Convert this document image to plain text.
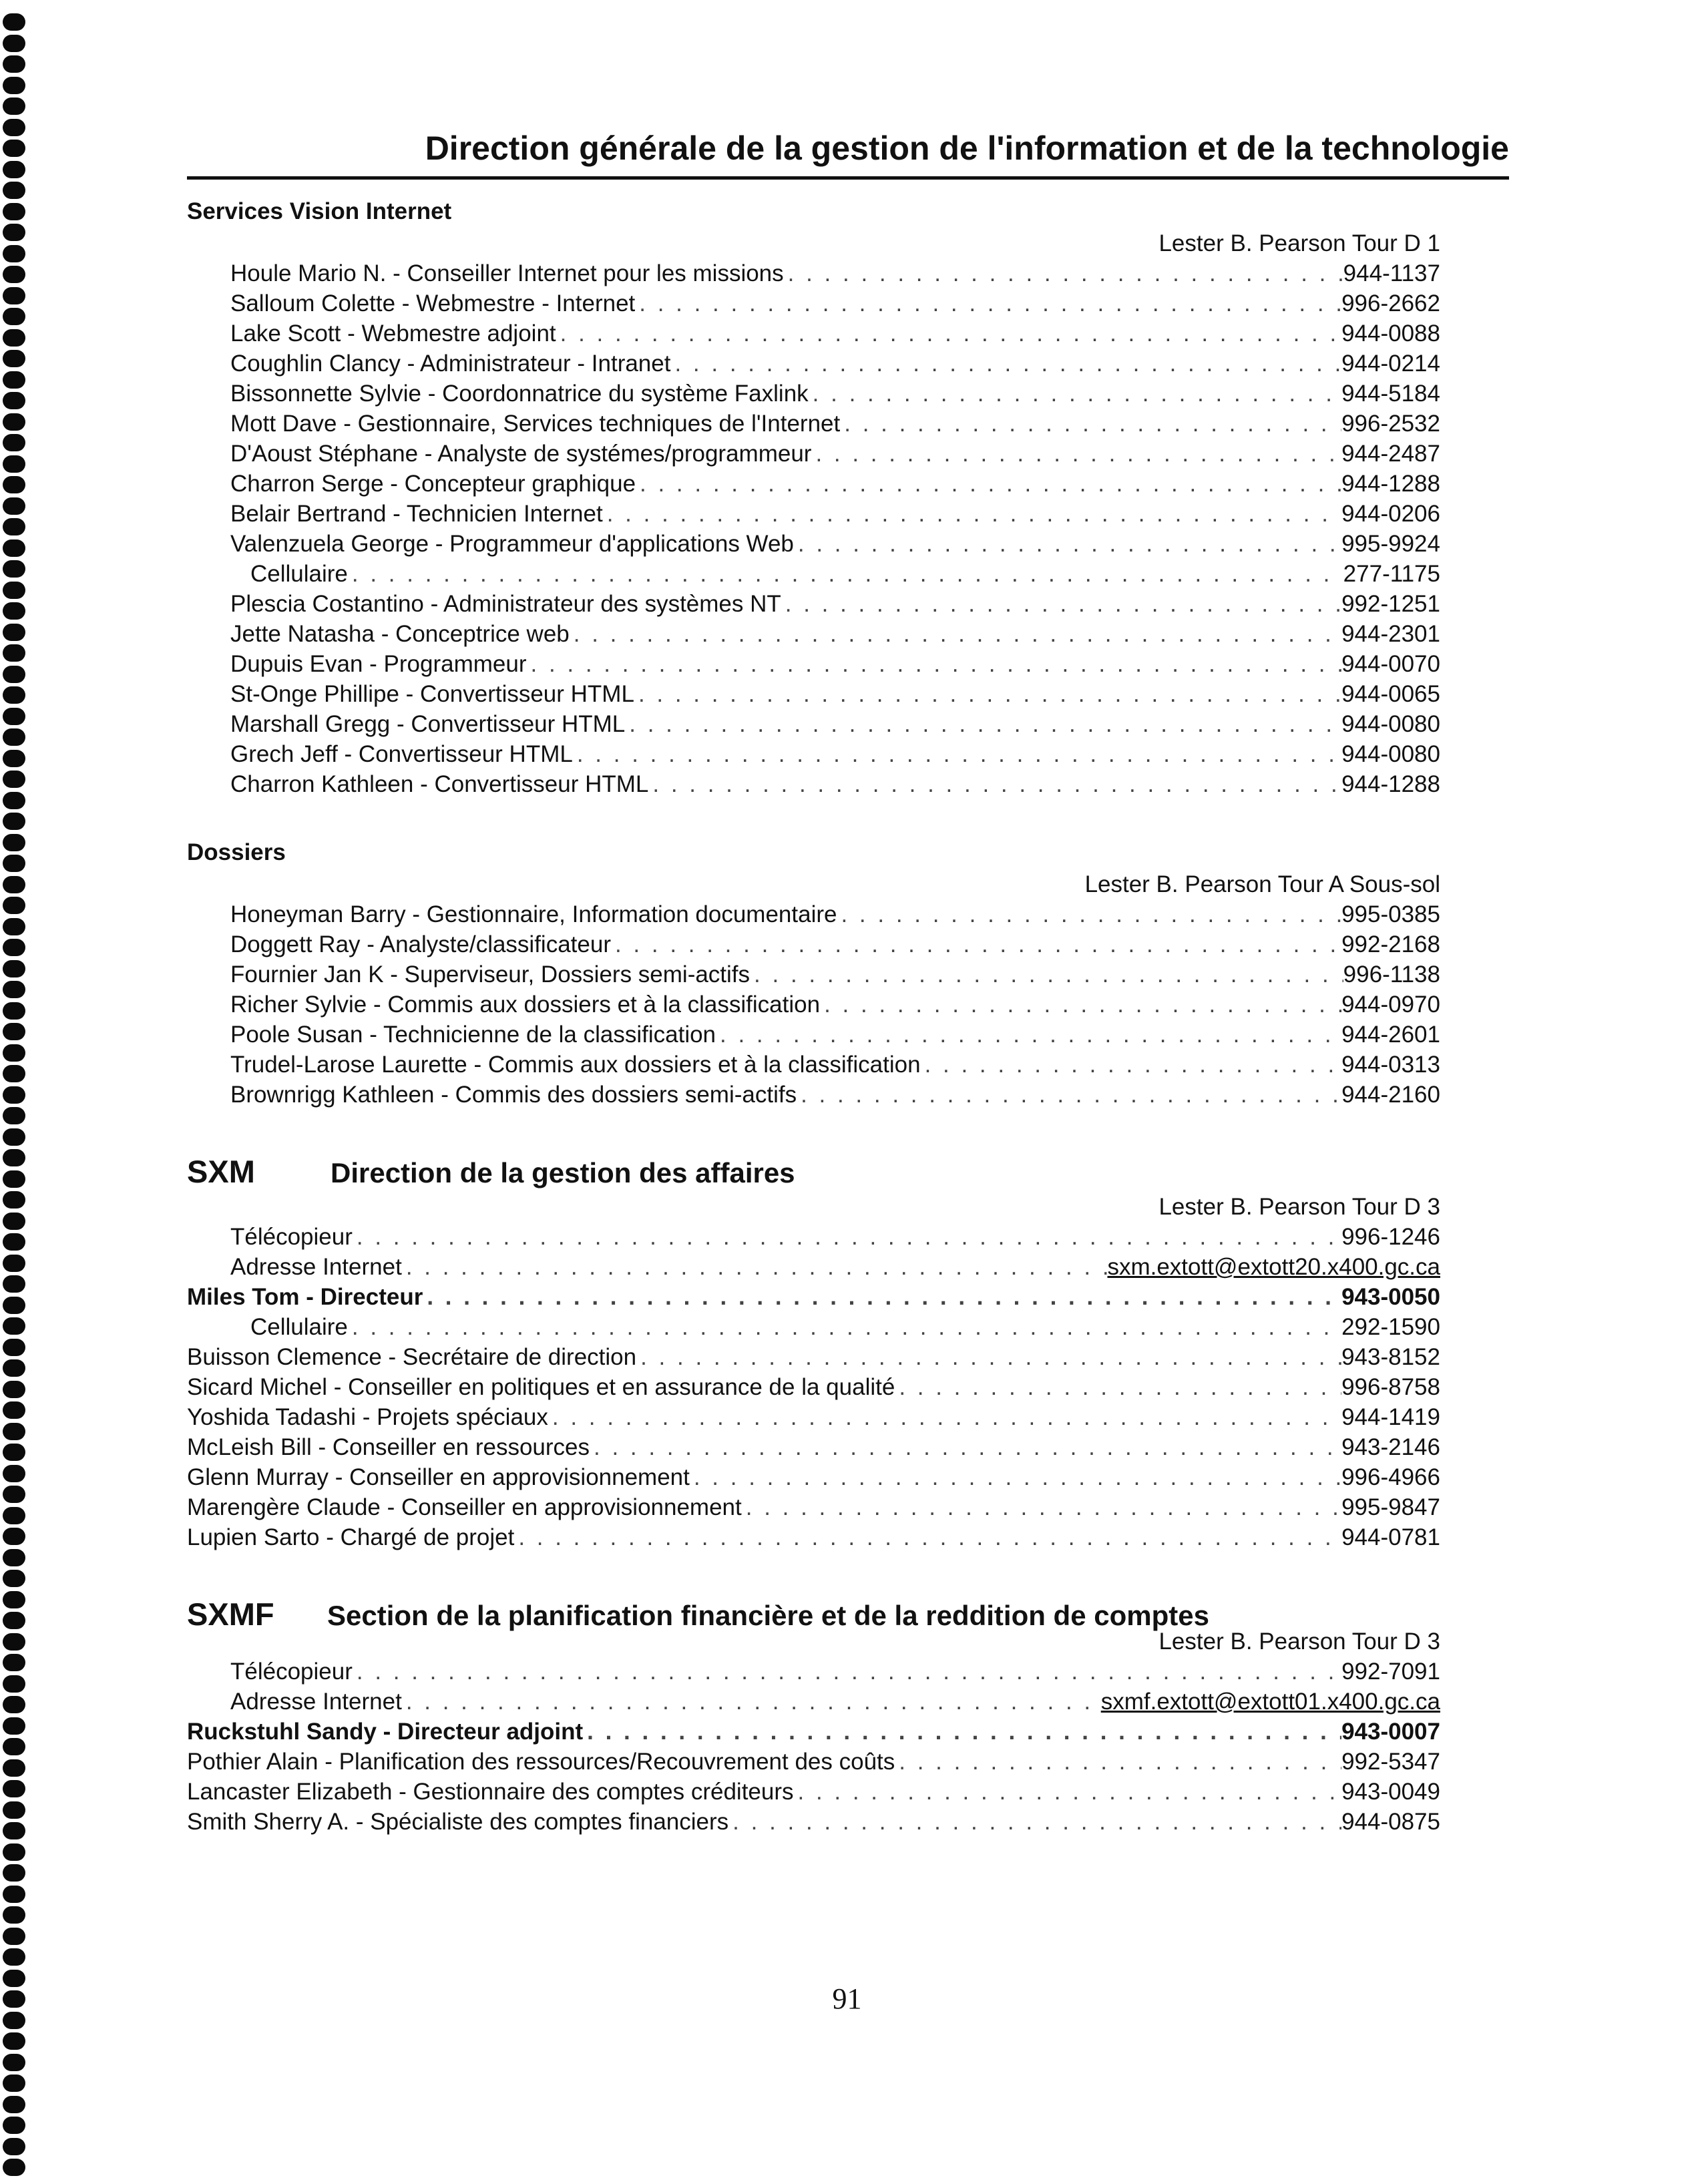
Direction générale de la gestion de l'information et de la technologie
Services Vision Internet
Lester B. Pearson Tour D 1
Houle Mario N. - Conseiller Internet pour les missions . . .	944-1137
Salloum Colette - Webmestre - Internet . . .	996-2662
Lake Scott - Webmestre adjoint . . .	944-0088
Coughlin Clancy - Administrateur - Intranet . . .	944-0214
Bissonnette Sylvie - Coordonnatrice du système Faxlink . . .	944-5184
Mott Dave - Gestionnaire, Services techniques de l'Internet . . .	996-2532
D'Aoust Stéphane - Analyste de systémes/programmeur . . .	944-2487
Charron Serge - Concepteur graphique . . .	944-1288
Belair Bertrand - Technicien Internet . . .	944-0206
Valenzuela George - Programmeur d'applications Web . . .	995-9924
Cellulaire . . .	277-1175
Plescia Costantino - Administrateur des systèmes NT . . .	992-1251
Jette Natasha - Conceptrice web . . .	944-2301
Dupuis Evan - Programmeur . . .	944-0070
St-Onge Phillipe - Convertisseur HTML . . .	944-0065
Marshall Gregg - Convertisseur HTML . . .	944-0080
Grech Jeff - Convertisseur HTML . . .	944-0080
Charron Kathleen - Convertisseur HTML . . .	944-1288
Dossiers
Lester B. Pearson Tour A Sous-sol
Honeyman Barry - Gestionnaire, Information documentaire . . .	995-0385
Doggett Ray - Analyste/classificateur . . .	992-2168
Fournier Jan K - Superviseur, Dossiers semi-actifs . . .	996-1138
Richer Sylvie - Commis aux dossiers et à la classification . . .	944-0970
Poole Susan - Technicienne de la classification . . .	944-2601
Trudel-Larose Laurette - Commis aux dossiers et à la classification . . .	944-0313
Brownrigg Kathleen - Commis des dossiers semi-actifs . . .	944-2160
SXM	Direction de la gestion des affaires
Lester B. Pearson Tour D 3
Télécopieur . . .	996-1246
Adresse Internet . . .	sxm.extott@extott20.x400.gc.ca
Miles Tom - Directeur . . .	943-0050
Cellulaire . . .	292-1590
Buisson Clemence - Secrétaire de direction . . .	943-8152
Sicard Michel - Conseiller en politiques et en assurance de la qualité . . .	996-8758
Yoshida Tadashi - Projets spéciaux . . .	944-1419
McLeish Bill - Conseiller en ressources . . .	943-2146
Glenn Murray - Conseiller en approvisionnement . . .	996-4966
Marengère Claude - Conseiller en approvisionnement . . .	995-9847
Lupien Sarto - Chargé de projet . . .	944-0781
SXMF	Section de la planification financière et de la reddition de comptes
Lester B. Pearson Tour D 3
Télécopieur . . .	992-7091
Adresse Internet . . .	sxmf.extott@extott01.x400.gc.ca
Ruckstuhl Sandy - Directeur adjoint . . .	943-0007
Pothier Alain - Planification des ressources/Recouvrement des coûts . . .	992-5347
Lancaster Elizabeth - Gestionnaire des comptes créditeurs . . .	943-0049
Smith Sherry A. - Spécialiste des comptes financiers . . .	944-0875
91
